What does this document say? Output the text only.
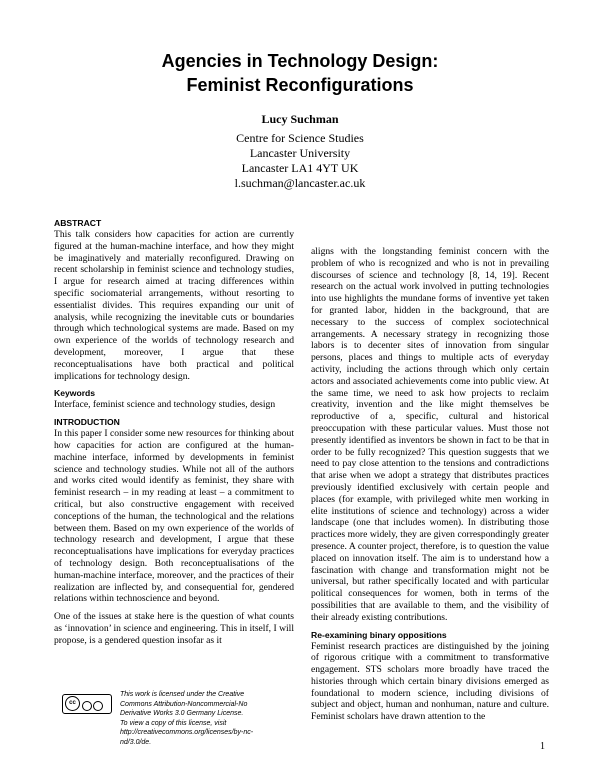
Agencies in Technology Design:
Feminist Reconfigurations
Lucy Suchman
Centre for Science Studies
Lancaster University
Lancaster LA1 4YT UK
l.suchman@lancaster.ac.uk
ABSTRACT

This talk considers how capacities for action are currently figured at the human-machine interface, and how they might be imaginatively and materially reconfigured. Drawing on recent scholarship in feminist science and technology studies, I argue for research aimed at tracing differences within specific sociomaterial arrangements, without resorting to essentialist divides. This requires expanding our unit of analysis, while recognizing the inevitable cuts or boundaries through which technological systems are made. Based on my own experience of the worlds of technology research and development, moreover, I argue that these reconceptualisations have both practical and political implications for technology design.

Keywords

Interface, feminist science and technology studies, design

INTRODUCTION

In this paper I consider some new resources for thinking about how capacities for action are configured at the human-machine interface, informed by developments in feminist science and technology studies. While not all of the authors and works cited would identify as feminist, they share with feminist research – in my reading at least – a commitment to critical, but also constructive engagement with received conceptions of the human, the technological and the relations between them. Based on my own experience of the worlds of technology research and development, I argue that these reconceptualisations have implications for everyday practices of technology design. Both reconceptualisations of the human-machine interface, moreover, and the practices of their realization are inflected by, and consequential for, gendered relations within technoscience and beyond.

One of the issues at stake here is the question of what counts as ‘innovation’ in science and engineering. This in itself, I will propose, is a gendered question insofar as it

aligns with the longstanding feminist concern with the problem of who is recognized and who is not in prevailing discourses of science and technology [8, 14, 19]. Recent research on the actual work involved in putting technologies into use highlights the mundane forms of inventive yet taken for granted labor, hidden in the background, that are necessary to the success of complex sociotechnical arrangements. A necessary strategy in recognizing those labors is to decenter sites of innovation from singular persons, places and things to multiple acts of everyday activity, including the actions through which only certain actors and associated achievements come into public view. At the same time, we need to ask how projects to reclaim creativity, invention and the like might themselves be reproductive of a, specific, cultural and historical preoccupation with these particular values. Must those not presently identified as inventors be shown in fact to be that in order to be fully recognized? This question suggests that we need to pay close attention to the tensions and contradictions that arise when we adopt a strategy that distributes practices previously identified exclusively with certain people and places (for example, with privileged white men working in elite institutions of science and technology) across a wider landscape (one that includes women). In distributing those practices more widely, they are given correspondingly greater presence. A counter project, therefore, is to question the value placed on innovation itself. The aim is to understand how a fascination with change and transformation might not be universal, but rather specifically located and with particular political consequences for women, both in terms of the possibilities that are available to them, and the visibility of their already existing contributions.

Re-examining binary oppositions

Feminist research practices are distinguished by the joining of rigorous critique with a commitment to transformative engagement. STS scholars more broadly have traced the histories through which certain binary divisions emerged as foundational to modern science, including divisions of subject and object, human and nonhuman, nature and culture. Feminist scholars have drawn attention to the

cc
This work is licensed under the Creative
Commons Attribution-Noncommercial-No
Derivative Works 3.0 Germany License.
To view a copy of this license, visit
http://creativecommons.org/licenses/by-nc-
nd/3.0/de.	1
